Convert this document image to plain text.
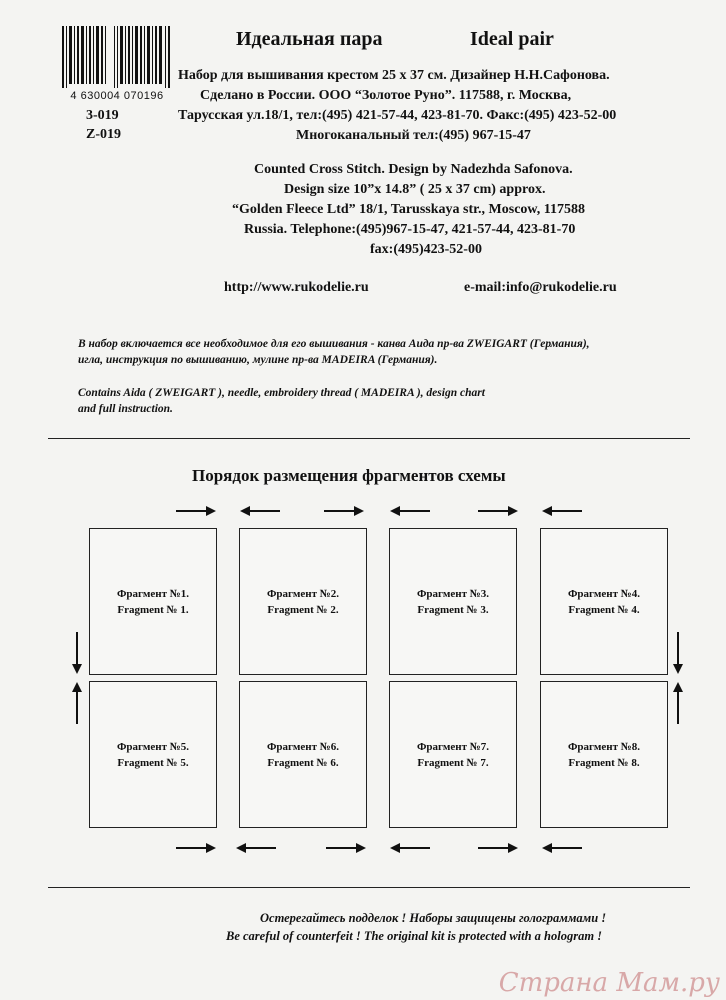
4 630004 070196
3-019
Z-019
Идеальная пара	Ideal pair
Набор для вышивания крестом 25 x 37 см. Дизайнер Н.Н.Сафонова.
Сделано в России. ООО “Золотое Руно”. 117588, г. Москва,
Тарусская ул.18/1, тел:(495) 421-57-44, 423-81-70. Факс:(495) 423-52-00
Многоканальный тел:(495) 967-15-47
Counted Cross Stitch. Design by Nadezhda Safonova.
Design size 10”x 14.8” ( 25 x 37 cm) approx.
“Golden Fleece Ltd” 18/1, Tarusskaya str., Moscow, 117588
Russia. Telephone:(495)967-15-47, 421-57-44, 423-81-70
fax:(495)423-52-00
http://www.rukodelie.ru	e-mail:info@rukodelie.ru
В набор включается все необходимое для его вышивания - канва Аида пр-ва ZWEIGART (Германия),
игла, инструкция по вышиванию, мулине пр-ва MADEIRA (Германия).
Contains Aida ( ZWEIGART ), needle, embroidery thread ( MADEIRA ), design chart
and full instruction.
Порядок размещения фрагментов схемы
Фрагмент №1.
Fragment № 1.
Фрагмент №2.
Fragment № 2.
Фрагмент №3.
Fragment № 3.
Фрагмент №4.
Fragment № 4.
Фрагмент №5.
Fragment № 5.
Фрагмент №6.
Fragment № 6.
Фрагмент №7.
Fragment № 7.
Фрагмент №8.
Fragment № 8.
Остерегайтесь подделок ! Наборы защищены голограммами !
Be careful of counterfeit ! The original kit is protected with a hologram !
Страна Мам.ру
